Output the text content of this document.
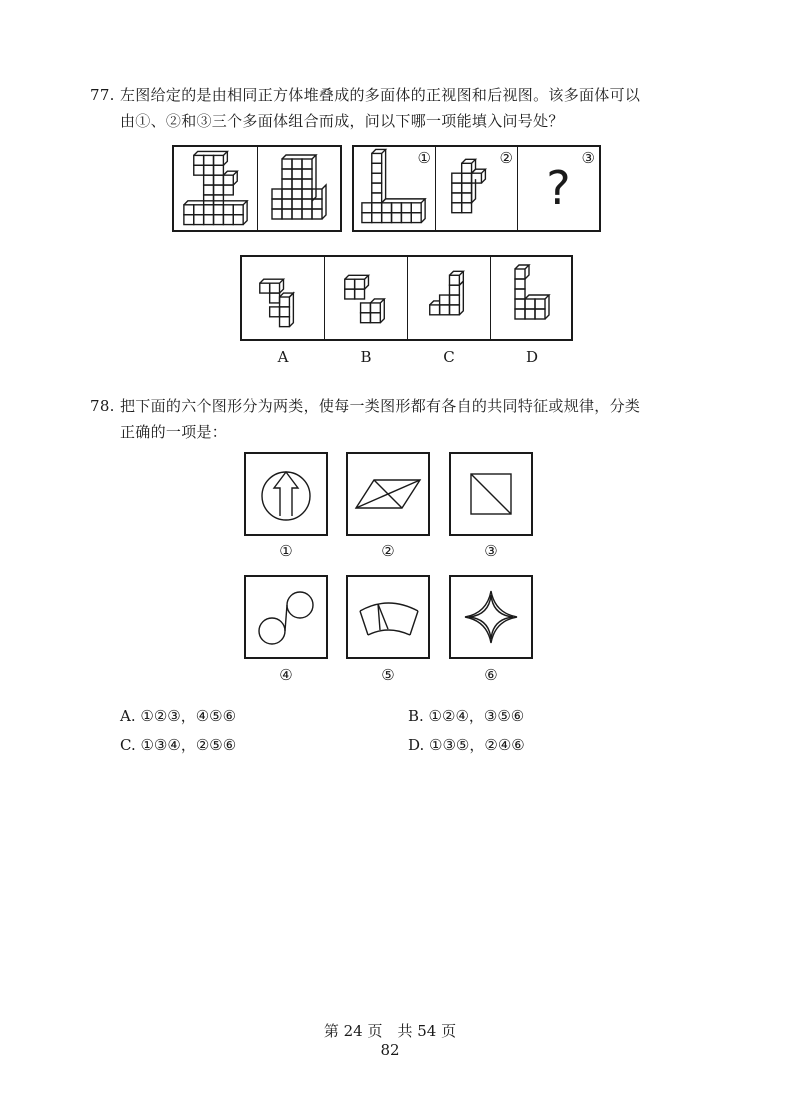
77. 左图给定的是由相同正方体堆叠成的多面体的正视图和后视图。该多面体可以
由①、②和③三个多面体组合而成，问以下哪一项能填入问号处？
①	②
?
③
A	B	C	D
78. 把下面的六个图形分为两类，使每一类图形都有各自的共同特征或规律，分类
正确的一项是：
①	②	③
④	⑤	⑥
A. ①②③，④⑤⑥	B. ①②④，③⑤⑥
C. ①③④，②⑤⑥	D. ①③⑤，②④⑥
第 24 页　共 54 页
82
